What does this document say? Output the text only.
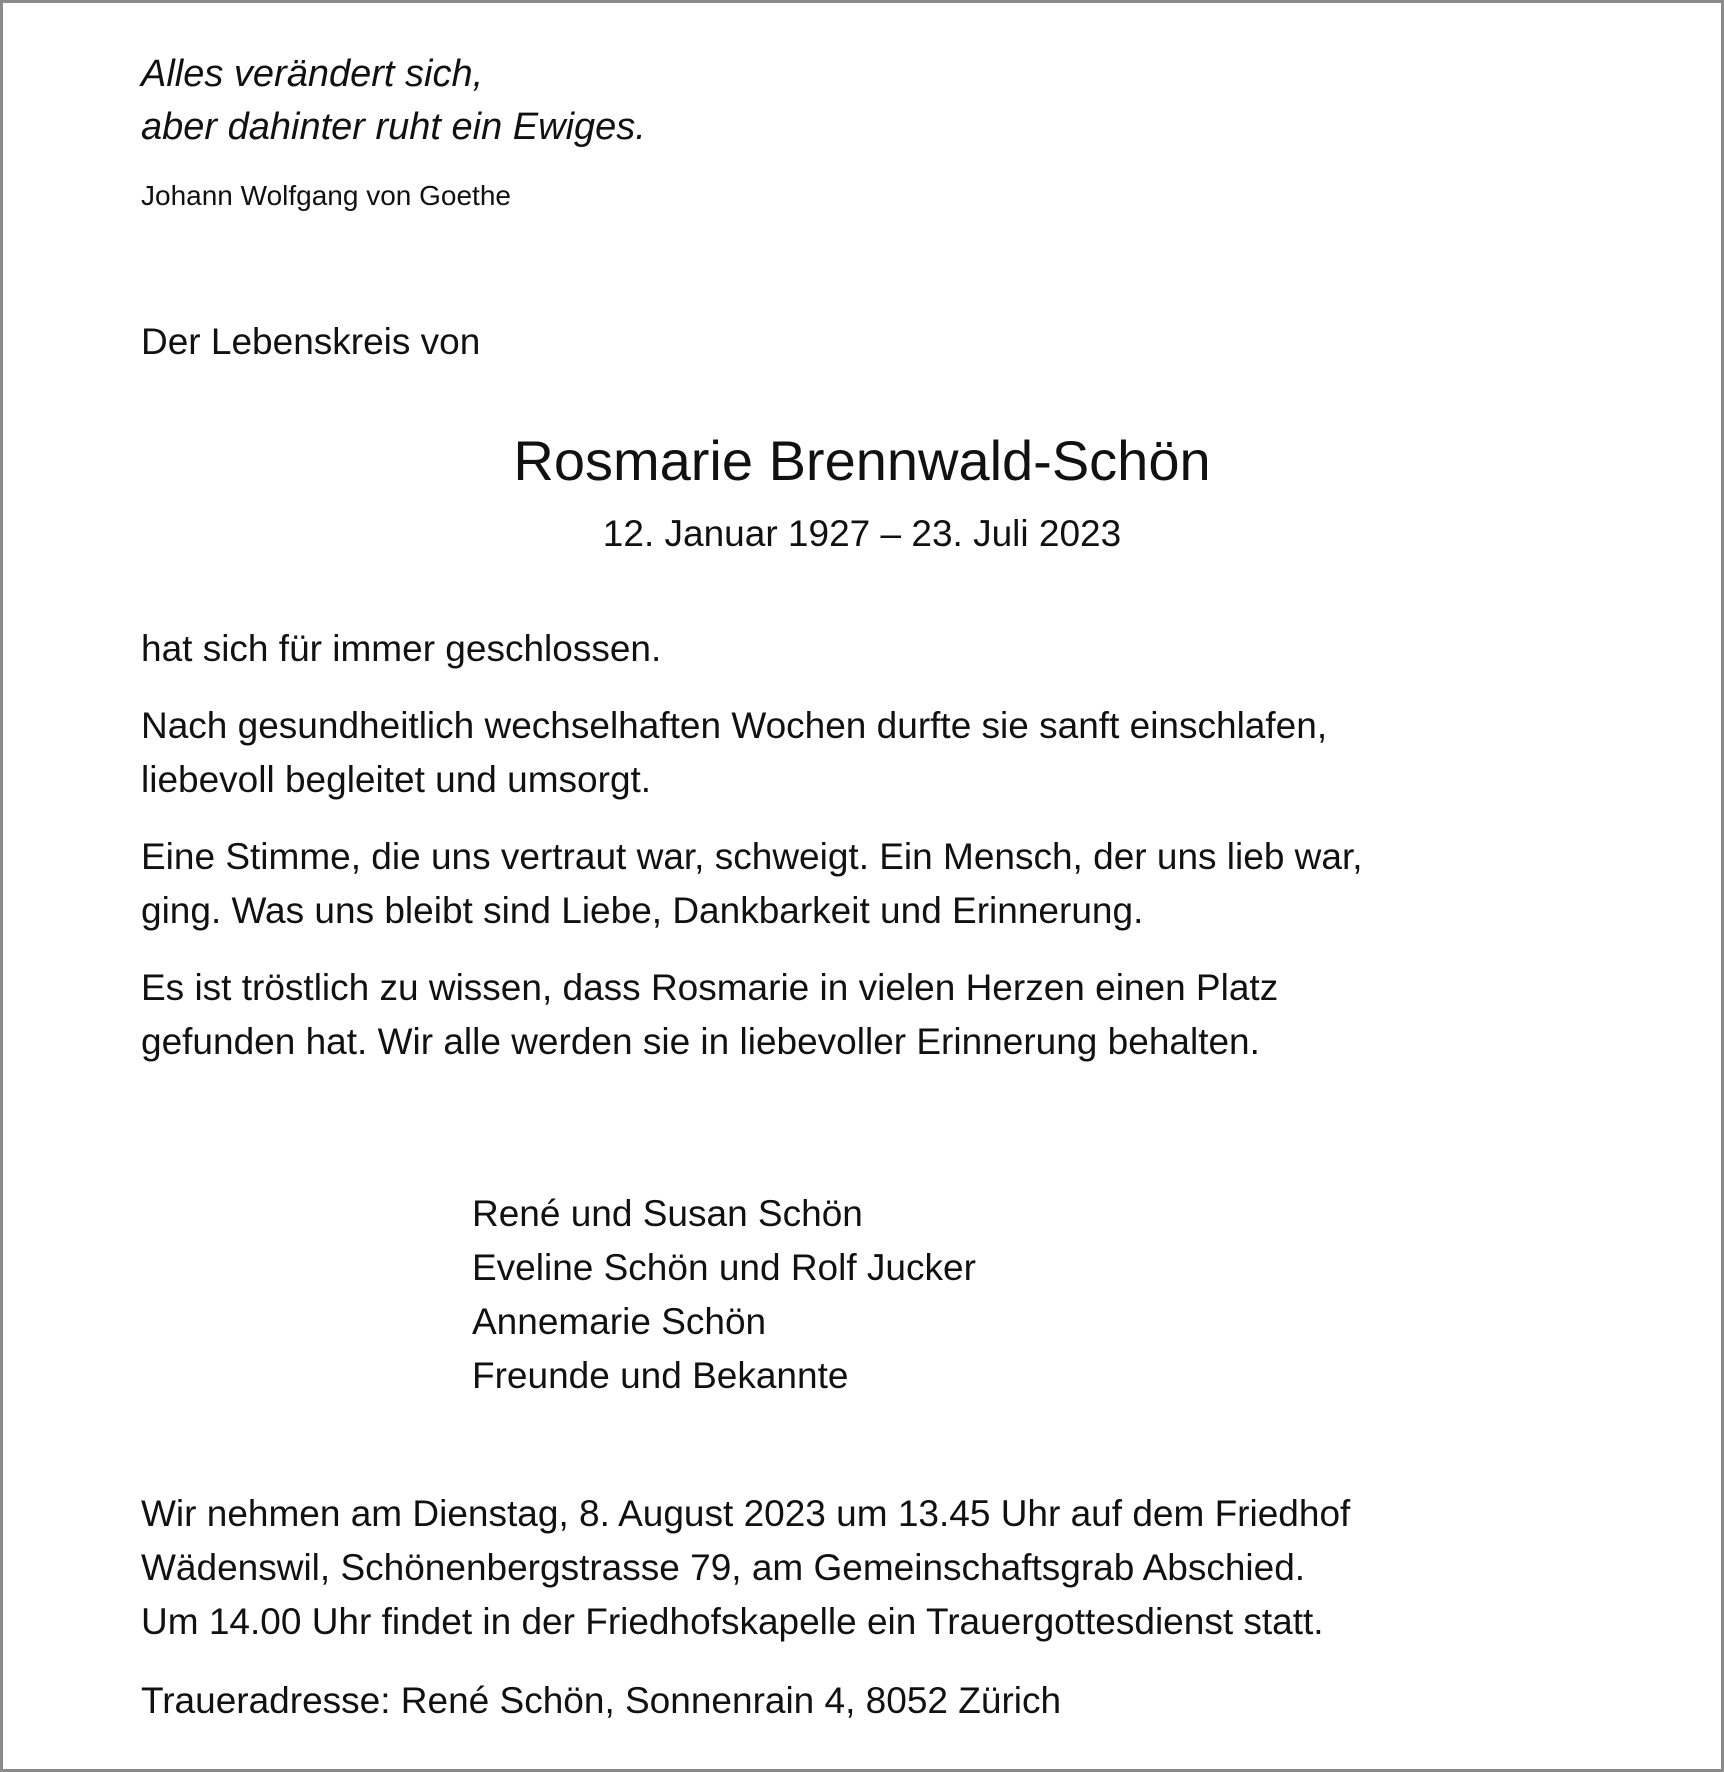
Alles verändert sich,
aber dahinter ruht ein Ewiges.
Johann Wolfgang von Goethe
Der Lebenskreis von
Rosmarie Brennwald-Schön
12. Januar 1927 – 23. Juli 2023
hat sich für immer geschlossen.
Nach gesundheitlich wechselhaften Wochen durfte sie sanft einschlafen,
liebevoll begleitet und umsorgt.
Eine Stimme, die uns vertraut war, schweigt. Ein Mensch, der uns lieb war,
ging. Was uns bleibt sind Liebe, Dankbarkeit und Erinnerung.
Es ist tröstlich zu wissen, dass Rosmarie in vielen Herzen einen Platz
gefunden hat. Wir alle werden sie in liebevoller Erinnerung behalten.
René und Susan Schön
Eveline Schön und Rolf Jucker
Annemarie Schön
Freunde und Bekannte
Wir nehmen am Dienstag, 8. August 2023 um 13.45 Uhr auf dem Friedhof
Wädenswil, Schönenbergstrasse 79, am Gemeinschaftsgrab Abschied.
Um 14.00 Uhr findet in der Friedhofskapelle ein Trauergottesdienst statt.
Traueradresse: René Schön, Sonnenrain 4, 8052 Zürich
